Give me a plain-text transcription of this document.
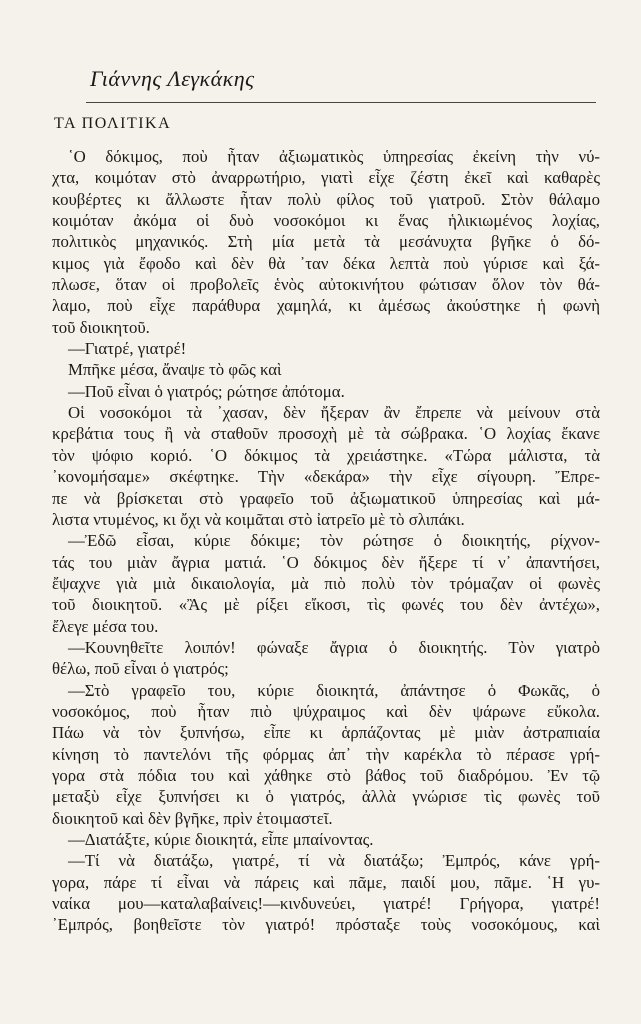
Γιάννης Λεγκάκης
ΤΑ ΠΟΛΙΤΙΚΑ
῾Ο δόκιμος, ποὺ ἦταν ἀξιωματικὸς ὑπηρεσίας ἐκείνη τὴν νύ-
χτα, κοιμόταν στὸ ἀναρρωτήριο, γιατὶ εἶχε ζέστη ἐκεῖ καὶ καθαρὲς
κουβέρτες κι ἄλλωστε ἦταν πολὺ φίλος τοῦ γιατροῦ. Στὸν θάλαμο
κοιμόταν ἀκόμα οἱ δυὸ νοσοκόμοι κι ἕνας ἡλικιωμένος λοχίας,
πολιτικὸς μηχανικός. Στὴ μία μετὰ τὰ μεσάνυχτα βγῆκε ὁ δό-
κιμος γιὰ ἔφοδο καὶ δὲν θὰ ᾽ταν δέκα λεπτὰ ποὺ γύρισε καὶ ξά-
πλωσε, ὅταν οἱ προβολεῖς ἑνὸς αὐτοκινήτου φώτισαν ὅλον τὸν θά-
λαμο, ποὺ εἶχε παράθυρα χαμηλά, κι ἀμέσως ἀκούστηκε ἡ φωνὴ
τοῦ διοικητοῦ.
—Γιατρέ, γιατρέ!
Μπῆκε μέσα, ἄναψε τὸ φῶς καὶ
—Ποῦ εἶναι ὁ γιατρός; ρώτησε ἀπότομα.
Οἱ νοσοκόμοι τὰ ᾽χασαν, δὲν ἤξεραν ἂν ἔπρεπε νὰ μείνουν στὰ
κρεβάτια τους ἢ νὰ σταθοῦν προσοχὴ μὲ τὰ σώβρακα. ῾Ο λοχίας ἔκανε
τὸν ψόφιο κοριό. ῾Ο δόκιμος τὰ χρειάστηκε. «Τώρα μάλιστα, τὰ
᾽κονομήσαμε» σκέφτηκε. Τὴν «δεκάρα» τὴν εἶχε σίγουρη. Ἔπρε-
πε νὰ βρίσκεται στὸ γραφεῖο τοῦ ἀξιωματικοῦ ὑπηρεσίας καὶ μά-
λιστα ντυμένος, κι ὄχι νὰ κοιμᾶται στὸ ἰατρεῖο μὲ τὸ σλιπάκι.
—Ἐδῶ εἶσαι, κύριε δόκιμε; τὸν ρώτησε ὁ διοικητής, ρίχνον-
τάς του μιὰν ἄγρια ματιά. ῾Ο δόκιμος δὲν ἤξερε τί ν᾽ ἀπαντήσει,
ἔψαχνε γιὰ μιὰ δικαιολογία, μὰ πιὸ πολὺ τὸν τρόμαζαν οἱ φωνὲς
τοῦ διοικητοῦ. «Ἂς μὲ ρίξει εἴκοσι, τὶς φωνές του δὲν ἀντέχω»,
ἔλεγε μέσα του.
—Κουνηθεῖτε λοιπόν! φώναξε ἄγρια ὁ διοικητής. Τὸν γιατρὸ
θέλω, ποῦ εἶναι ὁ γιατρός;
—Στὸ γραφεῖο του, κύριε διοικητά, ἀπάντησε ὁ Φωκᾶς, ὁ
νοσοκόμος, ποὺ ἦταν πιὸ ψύχραιμος καὶ δὲν ψάρωνε εὔκολα.
Πάω νὰ τὸν ξυπνήσω, εἶπε κι ἁρπάζοντας μὲ μιὰν ἀστραπιαία
κίνηση τὸ παντελόνι τῆς φόρμας ἀπ᾽ τὴν καρέκλα τὸ πέρασε γρή-
γορα στὰ πόδια του καὶ χάθηκε στὸ βάθος τοῦ διαδρόμου. Ἐν τῷ
μεταξὺ εἶχε ξυπνήσει κι ὁ γιατρός, ἀλλὰ γνώρισε τὶς φωνὲς τοῦ
διοικητοῦ καὶ δὲν βγῆκε, πρὶν ἑτοιμαστεῖ.
—Διατάξτε, κύριε διοικητά, εἶπε μπαίνοντας.
—Τί νὰ διατάξω, γιατρέ, τί νὰ διατάξω; Ἐμπρός, κάνε γρή-
γορα, πάρε τί εἶναι νὰ πάρεις καὶ πᾶμε, παιδί μου, πᾶμε. ῾Η γυ-
ναίκα μου—καταλαβαίνεις!—κινδυνεύει, γιατρέ! Γρήγορα, γιατρέ!
᾽Εμπρός, βοηθεῖστε τὸν γιατρό! πρόσταξε τοὺς νοσοκόμους, καὶ
